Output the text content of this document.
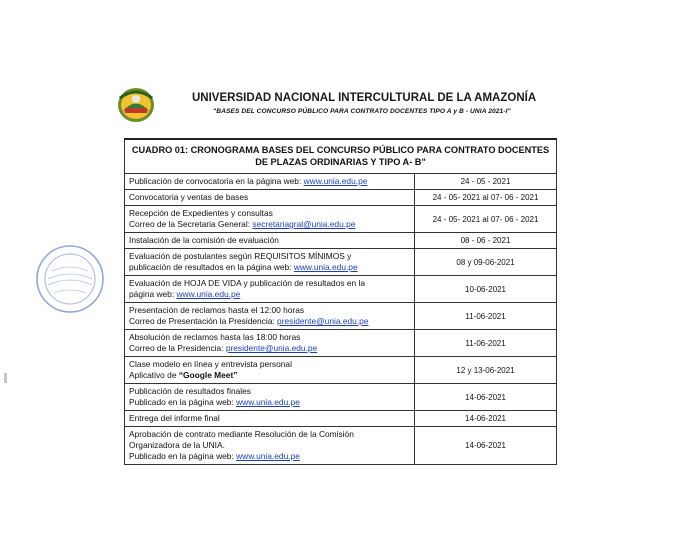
UNIVERSIDAD NACIONAL INTERCULTURAL DE LA AMAZONÍA
"BASES DEL CONCURSO PÚBLICO PARA CONTRATO DOCENTES TIPO A y B - UNIA 2021-I"
CUADRO 01: CRONOGRAMA BASES DEL CONCURSO PÚBLICO PARA CONTRATO DOCENTES DE PLAZAS ORDINARIAS Y TIPO A- B"	
Publicación de convocatoria en la página web: www.unia.edu.pe	24 - 05 - 2021
Convocatoria y ventas de bases	24 - 05- 2021 al 07- 06 - 2021

Recepción de Expedientes y consultas
Correo de la Secretaria General: secretariagral@unia.edu.pe	24 - 05- 2021 al 07- 06 - 2021
Instalación de la comisión de evaluación	08 - 06 - 2021

Evaluación de postulantes según REQUISITOS MÍNIMOS y
publicación de resultados en la página web: www.unia.edu.pe	08 y 09-06-2021

Evaluación de HOJA DE VIDA y publicación de resultados en la
página web: www.unia.edu.pe	10-06-2021

Presentación de reclamos hasta el 12:00 horas
Correo de Presentación la Presidencia: presidente@unia.edu.pe	11-06-2021

Absolución de reclamos hasta las 18:00 horas
Correo de la Presidencia: presidente@unia.edu.pe	11-06-2021

Clase modelo en línea y entrevista personal
Aplicativo de “Google Meet”	12 y 13-06-2021

Publicación de resultados finales
Publicado en la página web: www.unia.edu.pe	14-06-2021
Entrega del informe final	14-06-2021

Aprobación de contrato mediante Resolución de la Comisión
Organizadora de la UNIA.
Publicado en la página web: www.unia.edu.pe	14-06-2021
